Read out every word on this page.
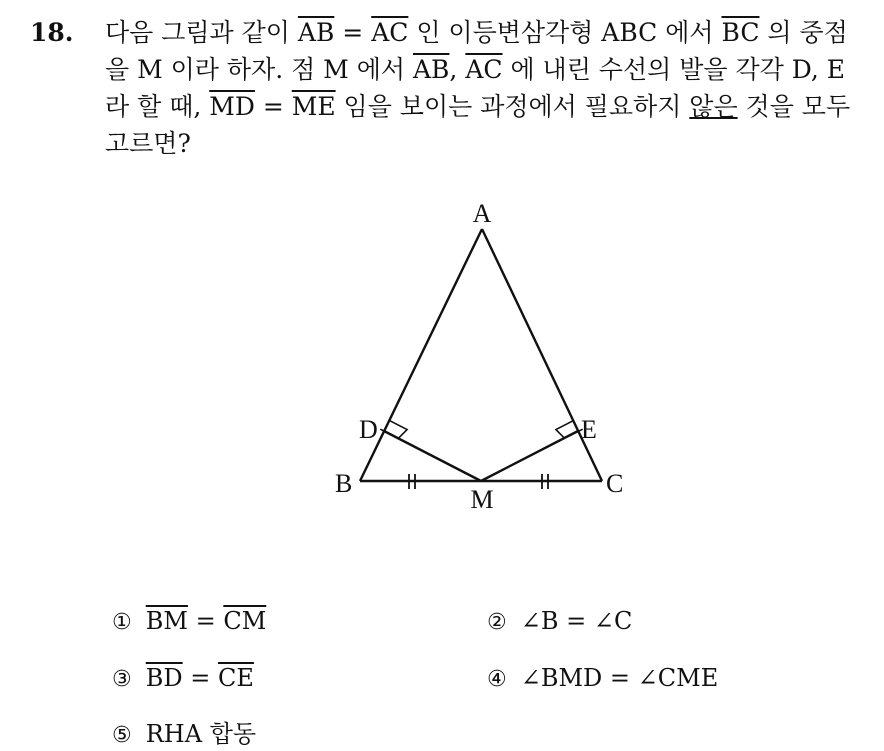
18. 다음 그림과 같이 $\overline{AB} = \overline{AC}$ 인 이등변삼각형 ABC 에서 $\overline{BC}$ 의 중점을 M 이라 하자. 점 M 에서 $\overline{AB}$, $\overline{AC}$ 에 내린 수선의 발을 각각 D, E 라 할 때, $\overline{MD} = \overline{ME}$ 임을 보이는 과정에서 필요하지 않은 것을 모두 고르면?
A
B	C
D	E
M
① $\overline{BM} = \overline{CM}$	② ∠B = ∠C
③ $\overline{BD} = \overline{CE}$	④ ∠BMD = ∠CME
⑤ RHA 합동
